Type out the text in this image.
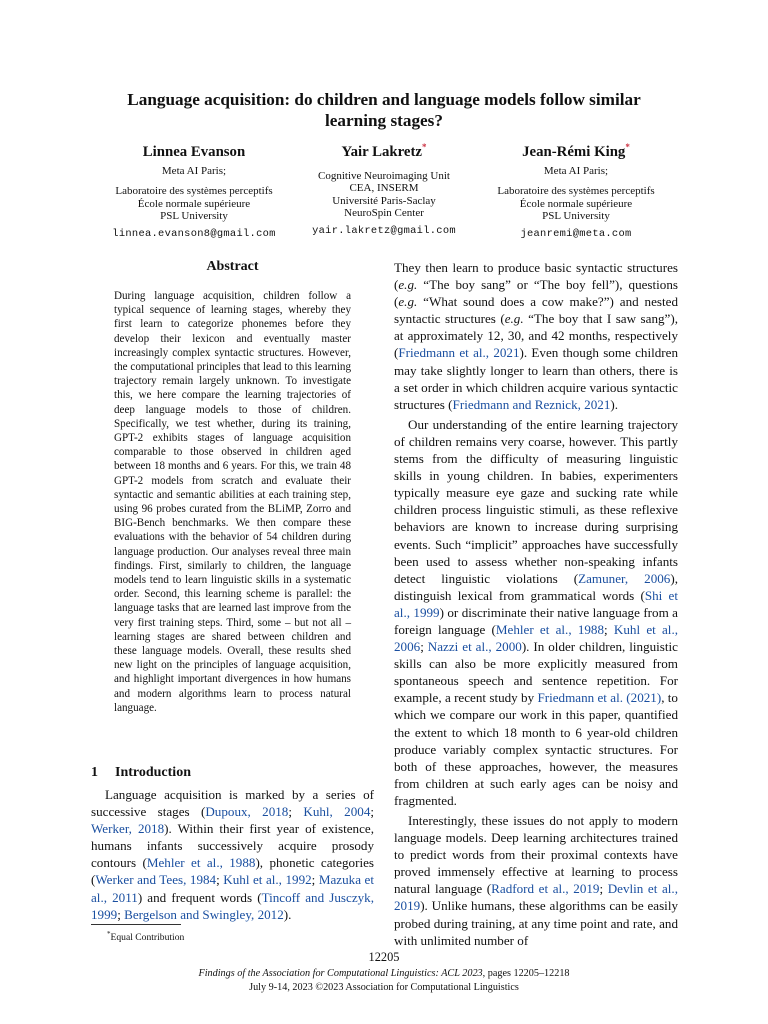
Language acquisition: do children and language models follow similar
learning stages?
Linnea Evanson
Meta AI Paris;
Laboratoire des systèmes perceptifs
École normale supérieure
PSL University
linnea.evanson8@gmail.com
Yair Lakretz*
Cognitive Neuroimaging Unit
CEA, INSERM
Université Paris-Saclay
NeuroSpin Center
yair.lakretz@gmail.com
Jean-Rémi King*
Meta AI Paris;
Laboratoire des systèmes perceptifs
École normale supérieure
PSL University
jeanremi@meta.com
Abstract
During language acquisition, children follow a typical sequence of learning stages, whereby they first learn to categorize phonemes before they develop their lexicon and eventually master increasingly complex syntactic structures. However, the computational principles that lead to this learning trajectory remain largely unknown. To investigate this, we here compare the learning trajectories of deep language models to those of children. Specifically, we test whether, during its training, GPT-2 exhibits stages of language acquisition comparable to those observed in children aged between 18 months and 6 years. For this, we train 48 GPT-2 models from scratch and evaluate their syntactic and semantic abilities at each training step, using 96 probes curated from the BLiMP, Zorro and BIG-Bench benchmarks. We then compare these evaluations with the behavior of 54 children during language production. Our analyses reveal three main findings. First, similarly to children, the language models tend to learn linguistic skills in a systematic order. Second, this learning scheme is parallel: the language tasks that are learned last improve from the very first training steps. Third, some – but not all – learning stages are shared between children and these language models. Overall, these results shed new light on the principles of language acquisition, and highlight important divergences in how humans and modern algorithms learn to process natural language.
1 Introduction

Language acquisition is marked by a series of successive stages (Dupoux, 2018; Kuhl, 2004; Werker, 2018). Within their first year of existence, humans infants successively acquire prosody contours (Mehler et al., 1988), phonetic categories (Werker and Tees, 1984; Kuhl et al., 1992; Mazuka et al., 2011) and frequent words (Tincoff and Jusczyk, 1999; Bergelson and Swingley, 2012).

They then learn to produce basic syntactic structures (e.g. “The boy sang” or “The boy fell”), questions (e.g. “What sound does a cow make?”) and nested syntactic structures (e.g. “The boy that I saw sang”), at approximately 12, 30, and 42 months, respectively (Friedmann et al., 2021). Even though some children may take slightly longer to learn than others, there is a set order in which children acquire various syntactic structures (Friedmann and Reznick, 2021).

Our understanding of the entire learning trajectory of children remains very coarse, however. This partly stems from the difficulty of measuring linguistic skills in young children. In babies, experimenters typically measure eye gaze and sucking rate while children process linguistic stimuli, as these reflexive behaviors are known to increase during surprising events. Such “implicit” approaches have successfully been used to assess whether non-speaking infants detect linguistic violations (Zamuner, 2006), distinguish lexical from grammatical words (Shi et al., 1999) or discriminate their native language from a foreign language (Mehler et al., 1988; Kuhl et al., 2006; Nazzi et al., 2000). In older children, linguistic skills can also be more explicitly measured from spontaneous speech and sentence repetition. For example, a recent study by Friedmann et al. (2021), to which we compare our work in this paper, quantified the extent to which 18 month to 6 year-old children produce variably complex syntactic structures. For both of these approaches, however, the measures from children at such early ages can be noisy and fragmented.

Interestingly, these issues do not apply to modern language models. Deep learning architectures trained to predict words from their proximal contexts have proved immensely effective at learning to process natural language (Radford et al., 2019; Devlin et al., 2019). Unlike humans, these algorithms can be easily probed during training, at any time point and rate, and with unlimited number of

*Equal Contribution
12205
Findings of the Association for Computational Linguistics: ACL 2023, pages 12205–12218
July 9-14, 2023 ©2023 Association for Computational Linguistics
